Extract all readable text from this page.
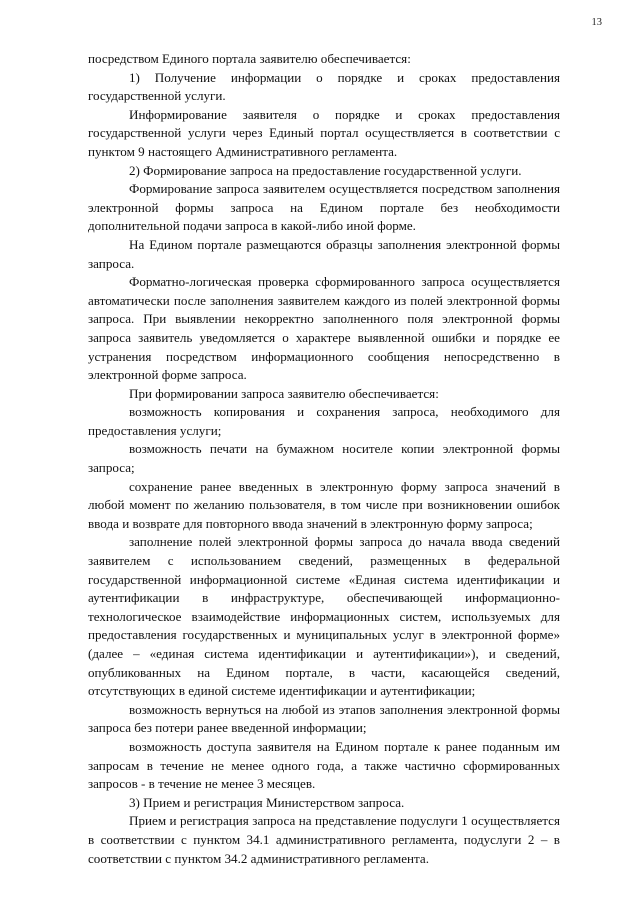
13

посредством Единого портала заявителю обеспечивается:

1) Получение информации о порядке и сроках предоставления государственной услуги.

Информирование заявителя о порядке и сроках предоставления государственной услуги через Единый портал осуществляется в соответствии с пунктом 9 настоящего Административного регламента.

2) Формирование запроса на предоставление государственной услуги.

Формирование запроса заявителем осуществляется посредством заполнения электронной формы запроса на Едином портале без необходимости дополнительной подачи запроса в какой-либо иной форме.

На Едином портале размещаются образцы заполнения электронной формы запроса.

Форматно-логическая проверка сформированного запроса осуществляется автоматически после заполнения заявителем каждого из полей электронной формы запроса. При выявлении некорректно заполненного поля электронной формы запроса заявитель уведомляется о характере выявленной ошибки и порядке ее устранения посредством информационного сообщения непосредственно в электронной форме запроса.

При формировании запроса заявителю обеспечивается:

возможность копирования и сохранения запроса, необходимого для предоставления услуги;

возможность печати на бумажном носителе копии электронной формы запроса;

сохранение ранее введенных в электронную форму запроса значений в любой момент по желанию пользователя, в том числе при возникновении ошибок ввода и возврате для повторного ввода значений в электронную форму запроса;

заполнение полей электронной формы запроса до начала ввода сведений заявителем с использованием сведений, размещенных в федеральной государственной информационной системе «Единая система идентификации и аутентификации в инфраструктуре, обеспечивающей информационно-технологическое взаимодействие информационных систем, используемых для предоставления государственных и муниципальных услуг в электронной форме» (далее – «единая система идентификации и аутентификации»), и сведений, опубликованных на Едином портале, в части, касающейся сведений, отсутствующих в единой системе идентификации и аутентификации;

возможность вернуться на любой из этапов заполнения электронной формы запроса без потери ранее введенной информации;

возможность доступа заявителя на Едином портале к ранее поданным им запросам в течение не менее одного года, а также частично сформированных запросов - в течение не менее 3 месяцев.

3) Прием и регистрация Министерством запроса.

Прием и регистрация запроса на представление подуслуги 1 осуществляется в соответствии с пунктом 34.1 административного регламента, подуслуги 2 – в соответствии с пунктом 34.2 административного регламента.
